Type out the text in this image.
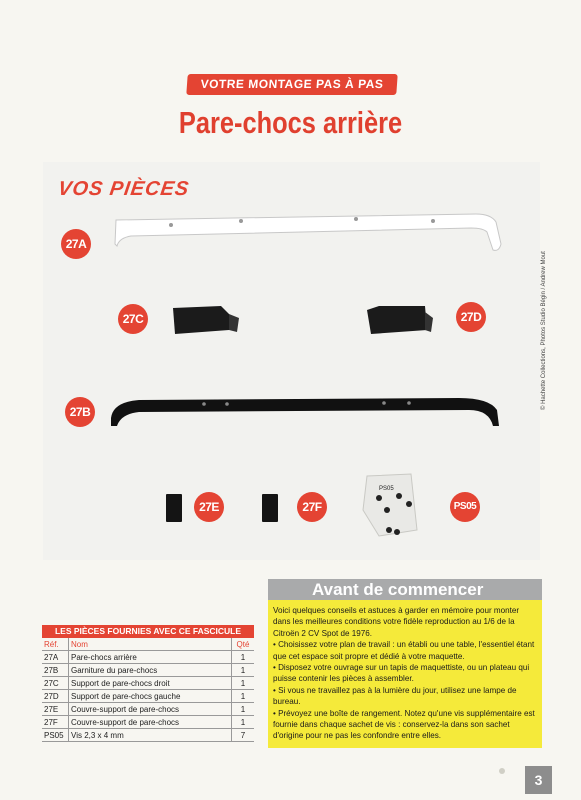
VOTRE MONTAGE PAS À PAS
Pare-chocs arrière
PS05
VOS PIÈCES
27A
27C	27D
27B
27E	27F	PS05
© Hachette Collections, Photos Studio Bégin / Andrew Mout
LES PIÈCES FOURNIES AVEC CE FASCICULE
Réf.	Nom	Qté
27A	Pare-chocs arrière	1
27B	Garniture du pare-chocs	1
27C	Support de pare-chocs droit	1
27D	Support de pare-chocs gauche	1
27E	Couvre-support de pare-chocs	1
27F	Couvre-support de pare-chocs	1
PS05	Vis 2,3 x 4 mm	7
Avant de commencer

Voici quelques conseils et astuces à garder en mémoire pour monter dans les meilleures conditions votre fidèle reproduction au 1/6 de la Citroën 2 CV Spot de 1976.

• Choisissez votre plan de travail : un établi ou une table, l'essentiel étant que cet espace soit propre et dédié à votre maquette.

• Disposez votre ouvrage sur un tapis de maquettiste, ou un plateau qui puisse contenir les pièces à assembler.

• Si vous ne travaillez pas à la lumière du jour, utilisez une lampe de bureau.

• Prévoyez une boîte de rangement. Notez qu'une vis supplémentaire est fournie dans chaque sachet de vis : conservez-la dans son sachet d'origine pour ne pas les confondre entre elles.

3
